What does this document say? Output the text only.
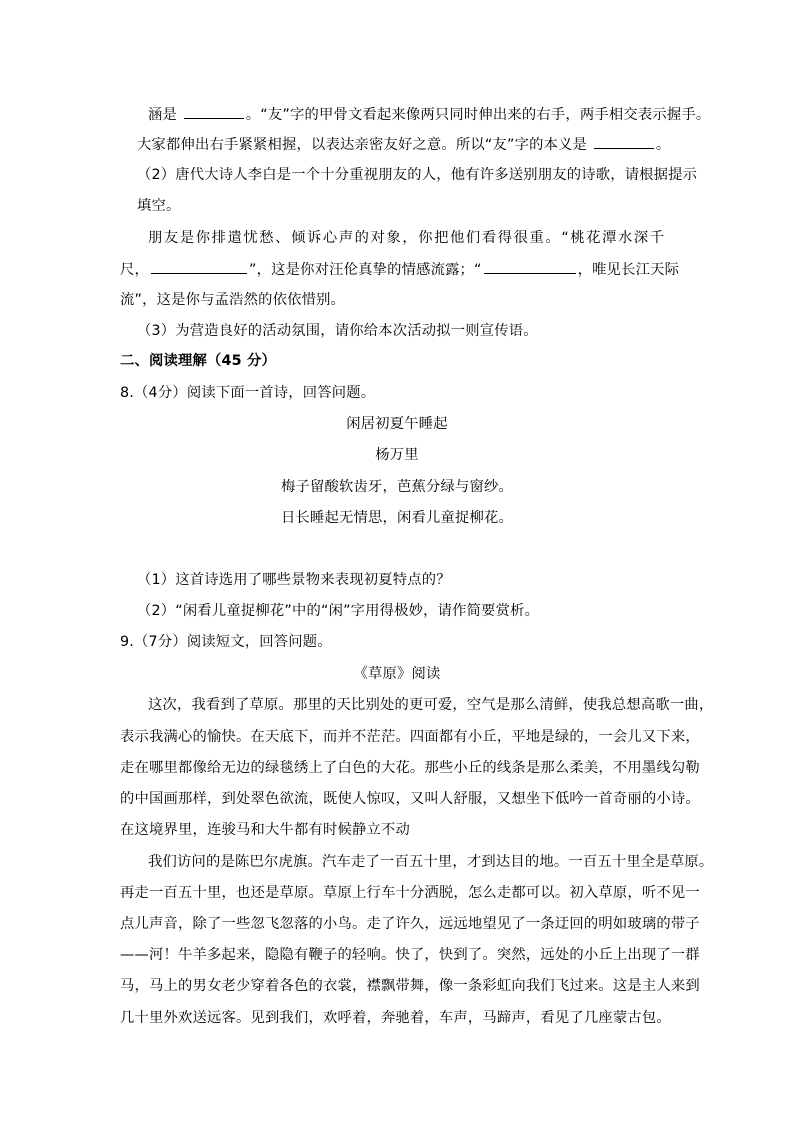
涵是	。“友”字的甲骨文看起来像两只同时伸出来的右手，两手相交表示握手。
大家都伸出右手紧紧相握，以表达亲密友好之意。所以“友”字的本义是	。
（2）唐代大诗人李白是一个十分重视朋友的人，他有许多送别朋友的诗歌，请根据提示
填空。
朋友是你排遣忧愁、倾诉心声的对象，你把他们看得很重。“桃花潭水深千
尺，	”，这是你对汪伦真挚的情感流露；“	，唯见长江天际
流”，这是你与孟浩然的依依惜别。
（3）为营造良好的活动氛围，请你给本次活动拟一则宣传语。
二、阅读理解（45 分）
8.（4分）阅读下面一首诗，回答问题。
闲居初夏午睡起
杨万里
梅子留酸软齿牙，芭蕉分绿与窗纱。
日长睡起无情思，闲看儿童捉柳花。
（1）这首诗选用了哪些景物来表现初夏特点的？
（2）“闲看儿童捉柳花”中的“闲”字用得极妙，请作简要赏析。
9.（7分）阅读短文，回答问题。
《草原》阅读
这次，我看到了草原。那里的天比别处的更可爱，空气是那么清鲜，使我总想高歌一曲，
表示我满心的愉快。在天底下，而并不茫茫。四面都有小丘，平地是绿的，一会儿又下来，
走在哪里都像给无边的绿毯绣上了白色的大花。那些小丘的线条是那么柔美，不用墨线勾勒
的中国画那样，到处翠色欲流，既使人惊叹，又叫人舒服，又想坐下低吟一首奇丽的小诗。
在这境界里，连骏马和大牛都有时候静立不动
我们访问的是陈巴尔虎旗。汽车走了一百五十里，才到达目的地。一百五十里全是草原。
再走一百五十里，也还是草原。草原上行车十分洒脱，怎么走都可以。初入草原，听不见一
点儿声音，除了一些忽飞忽落的小鸟。走了许久，远远地望见了一条迂回的明如玻璃的带子
——河！牛羊多起来，隐隐有鞭子的轻响。快了，快到了。突然，远处的小丘上出现了一群
马，马上的男女老少穿着各色的衣裳，襟飘带舞，像一条彩虹向我们飞过来。这是主人来到
几十里外欢送远客。见到我们，欢呼着，奔驰着，车声，马蹄声，看见了几座蒙古包。
